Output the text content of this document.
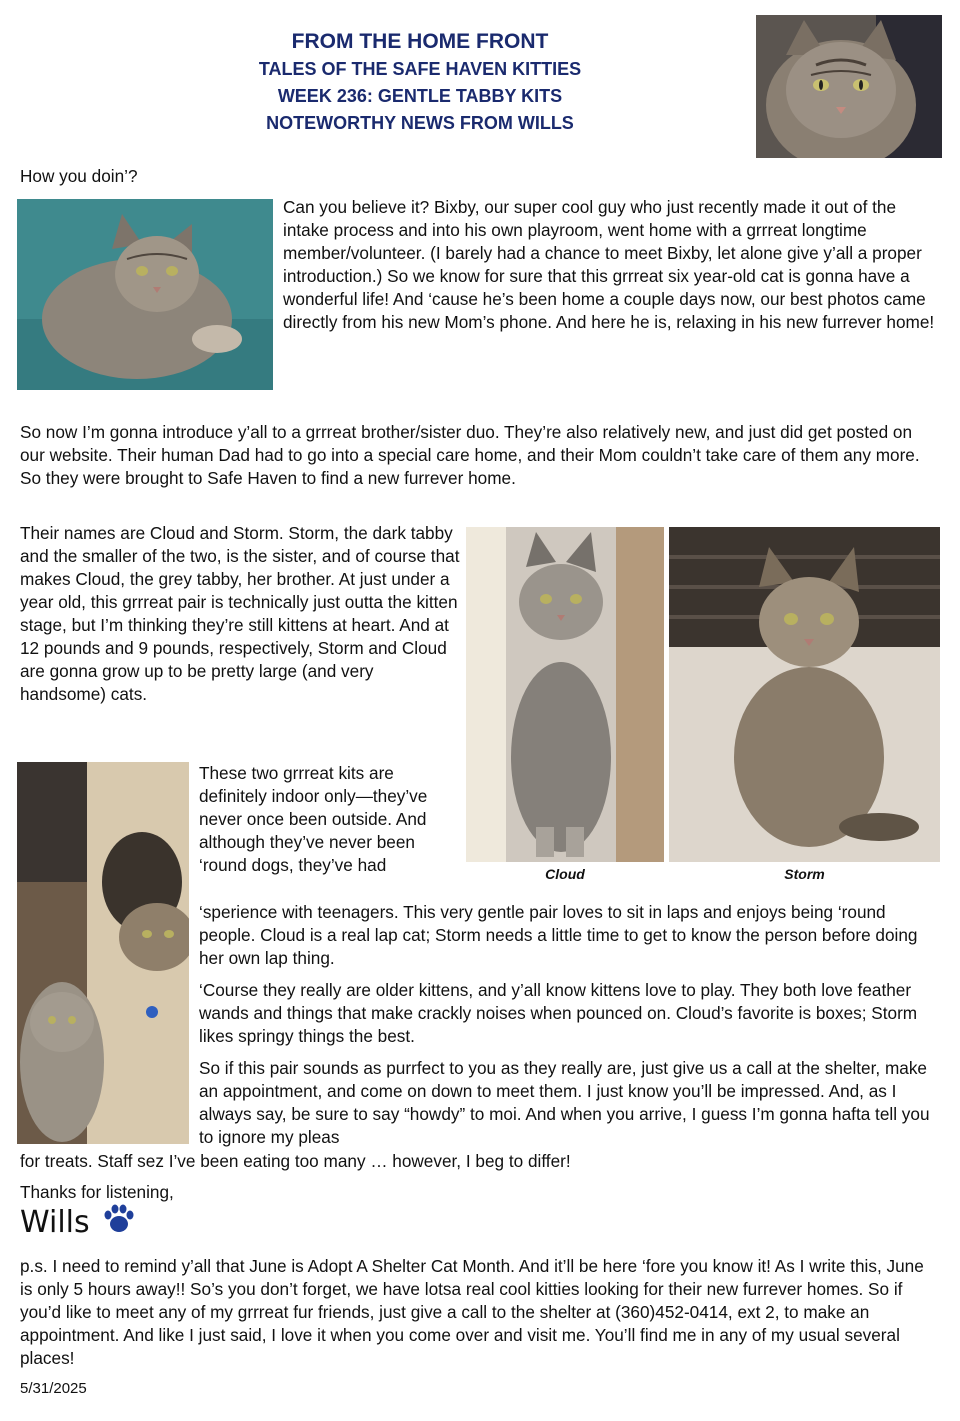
FROM THE HOME FRONT
TALES OF THE SAFE HAVEN KITTIES
WEEK 236: GENTLE TABBY KITS
NOTEWORTHY NEWS FROM WILLS
How you doin’?
Can you believe it? Bixby, our super cool guy who just recently made it out of the intake process and into his own playroom, went home with a grrreat longtime member/volunteer. (I barely had a chance to meet Bixby, let alone give y’all a proper introduction.) So we know for sure that this grrreat six year-old cat is gonna have a wonderful life! And ‘cause he’s been home a couple days now, our best photos came directly from his new Mom’s phone. And here he is, relaxing in his new furrever home!
So now I’m gonna introduce y’all to a grrreat brother/sister duo. They’re also relatively new, and just did get posted on our website. Their human Dad had to go into a special care home, and their Mom couldn’t take care of them any more. So they were brought to Safe Haven to find a new furrever home.
Their names are Cloud and Storm. Storm, the dark tabby and the smaller of the two, is the sister, and of course that makes Cloud, the grey tabby, her brother. At just under a year old, this grrreat pair is technically just outta the kitten stage, but I’m thinking they’re still kittens at heart. And at 12 pounds and 9 pounds, respectively, Storm and Cloud are gonna grow up to be pretty large (and very handsome) cats.
Cloud	Storm
These two grrreat kits are definitely indoor only—they’ve never once been outside. And although they’ve never been ‘round dogs, they’ve had
‘sperience with teenagers. This very gentle pair loves to sit in laps and enjoys being ‘round people. Cloud is a real lap cat; Storm needs a little time to get to know the person before doing her own lap thing.
‘Course they really are older kittens, and y’all know kittens love to play. They both love feather wands and things that make crackly noises when pounced on. Cloud’s favorite is boxes; Storm likes springy things the best.
So if this pair sounds as purrfect to you as they really are, just give us a call at the shelter, make an appointment, and come on down to meet them. I just know you’ll be impressed. And, as I always say, be sure to say “howdy” to moi. And when you arrive, I guess I’m gonna hafta tell you to ignore my pleas
for treats. Staff sez I’ve been eating too many … however, I beg to differ!
Thanks for listening,
Wills
p.s. I need to remind y’all that June is Adopt A Shelter Cat Month. And it’ll be here ‘fore you know it! As I write this, June is only 5 hours away!! So’s you don’t forget, we have lotsa real cool kitties looking for their new furrever homes. So if you’d like to meet any of my grrreat fur friends, just give a call to the shelter at (360)452-0414, ext 2, to make an appointment. And like I just said, I love it when you come over and visit me. You’ll find me in any of my usual several places!
5/31/2025
